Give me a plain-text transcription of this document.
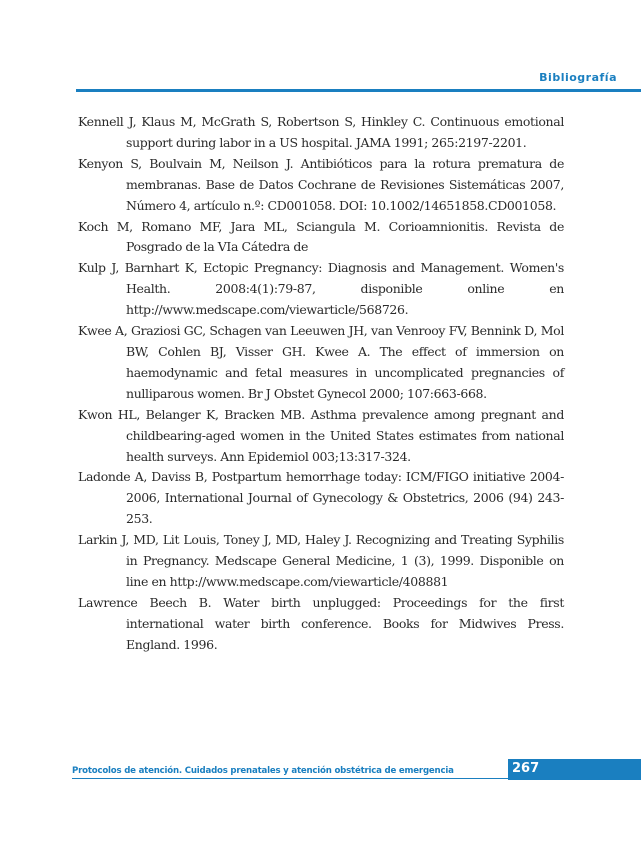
Bibliografía
Kennell J, Klaus M, McGrath S, Robertson S, Hinkley C. Continuous emotional support during labor in a US hospital. JAMA 1991; 265:2197-2201.
Kenyon S, Boulvain M, Neilson J. Antibióticos para la rotura prematura de membranas. Base de Datos Cochrane de Revisiones Sistemáticas 2007, Número 4, artículo n.º: CD001058. DOI: 10.1002/14651858.CD001058.
Koch M, Romano MF, Jara ML, Sciangula M. Corioamnionitis. Revista de Posgrado de la VIa Cátedra de
Kulp J, Barnhart K, Ectopic Pregnancy: Diagnosis and Management. Women's Health. 2008:4(1):79-87, disponible online en http://www.medscape.com/viewarticle/568726.
Kwee A, Graziosi GC, Schagen van Leeuwen JH, van Venrooy FV, Bennink D, Mol BW, Cohlen BJ, Visser GH. Kwee A. The effect of immersion on haemodynamic and fetal measures in uncomplicated pregnancies of nulliparous women. Br J Obstet Gynecol 2000; 107:663-668.
Kwon HL, Belanger K, Bracken MB. Asthma prevalence among pregnant and childbearing-aged women in the United States estimates from national health surveys. Ann Epidemiol 003;13:317-324.
Ladonde A, Daviss B, Postpartum hemorrhage today: ICM/FIGO initiative 2004-2006, International Journal of Gynecology & Obstetrics, 2006 (94) 243-253.
Larkin J, MD, Lit Louis, Toney J, MD, Haley J. Recognizing and Treating Syphilis in Pregnancy. Medscape General Medicine, 1 (3), 1999. Disponible on line en http://www.medscape.com/viewarticle/408881
Lawrence Beech B. Water birth unplugged: Proceedings for the first international water birth conference. Books for Midwives Press. England. 1996.
Protocolos de atención. Cuidados prenatales y atención obstétrica de emergencia	267
